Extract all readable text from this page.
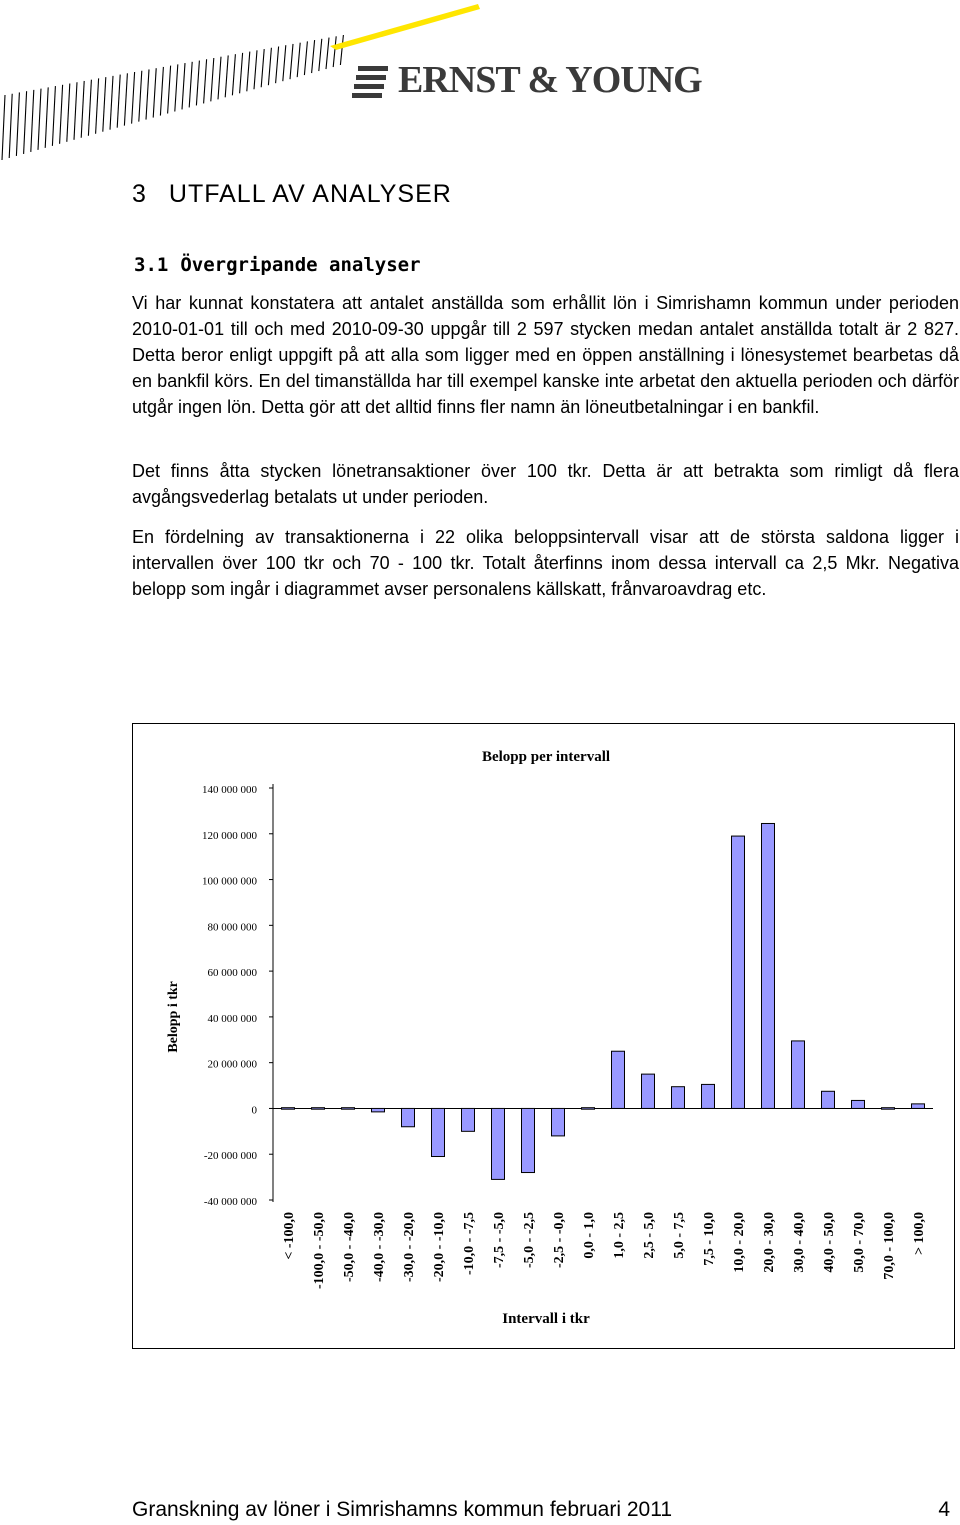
ERNST & YOUNG
3 UTFALL AV ANALYSER
3.1 Övergripande analyser
Vi har kunnat konstatera att antalet anställda som erhållit lön i Simrishamn kommun under perioden 2010-01-01 till och med 2010-09-30 uppgår till 2 597 stycken medan antalet anställda totalt är 2 827. Detta beror enligt uppgift på att alla som ligger med en öppen anställning i lönesystemet bearbetas då en bankfil körs. En del timanställda har till exempel kanske inte arbetat den aktuella perioden och därför utgår ingen lön. Detta gör att det alltid finns fler namn än löneutbetalningar i en bankfil.
Det finns åtta stycken lönetransaktioner över 100 tkr. Detta är att betrakta som rimligt då flera avgångsvederlag betalats ut under perioden.
En fördelning av transaktionerna i 22 olika beloppsintervall visar att de största saldona ligger i intervallen över 100 tkr och 70 - 100 tkr. Totalt återfinns inom dessa intervall ca 2,5 Mkr. Negativa belopp som ingår i diagrammet avser personalens källskatt, frånvaroavdrag etc.
Belopp per intervall
140 000 000
120 000 000
100 000 000
80 000 000
60 000 000
40 000 000
20 000 000
0
-20 000 000
-40 000 000
Belopp i tkr
< -100,0 -100,0 - -50,0 -50,0 - -40,0 -40,0 - -30,0 -30,0 - -20,0 -20,0 - -10,0 -10,0 - -7,5 -7,5 - -5,0 -5,0 - -2,5 -2,5 - -0,0 0,0 - 1,0 1,0 - 2,5 2,5 - 5,0 5,0 - 7,5 7,5 - 10,0 10,0 - 20,0 20,0 - 30,0 30,0 - 40,0 40,0 - 50,0 50,0 - 70,0 70,0 - 100,0 > 100,0
Intervall i tkr
Granskning av löner i Simrishamns kommun februari 2011	4
